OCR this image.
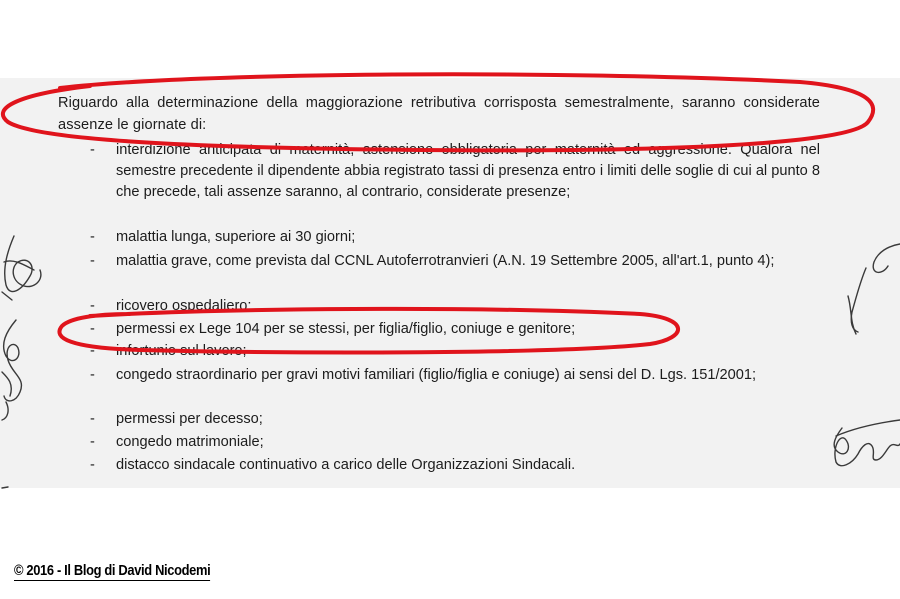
Riguardo alla determinazione della maggiorazione retributiva corrisposta semestralmente, saranno considerate assenze le giornate di:
-	interdizione anticipata di maternità, astensione obbligatoria per maternità ed aggressione. Qualora nel semestre precedente il dipendente abbia registrato tassi di presenza entro i limiti delle soglie di cui al punto 8 che precede, tali assenze saranno, al contrario, considerate presenze;
-	malattia lunga, superiore ai 30 giorni;
-	malattia grave, come prevista dal CCNL Autoferrotranvieri (A.N. 19 Settembre 2005, all'art.1, punto 4);
-	ricovero ospedaliero;
-	permessi ex Lege 104 per se stessi, per figlia/figlio, coniuge e genitore;
-	infortunio sul lavoro;
-	congedo straordinario per gravi motivi familiari (figlio/figlia e coniuge) ai sensi del D. Lgs. 151/2001;
-	permessi per decesso;
-	congedo matrimoniale;
-	distacco sindacale continuativo a carico delle Organizzazioni Sindacali.
© 2016 - Il Blog di David Nicodemi
